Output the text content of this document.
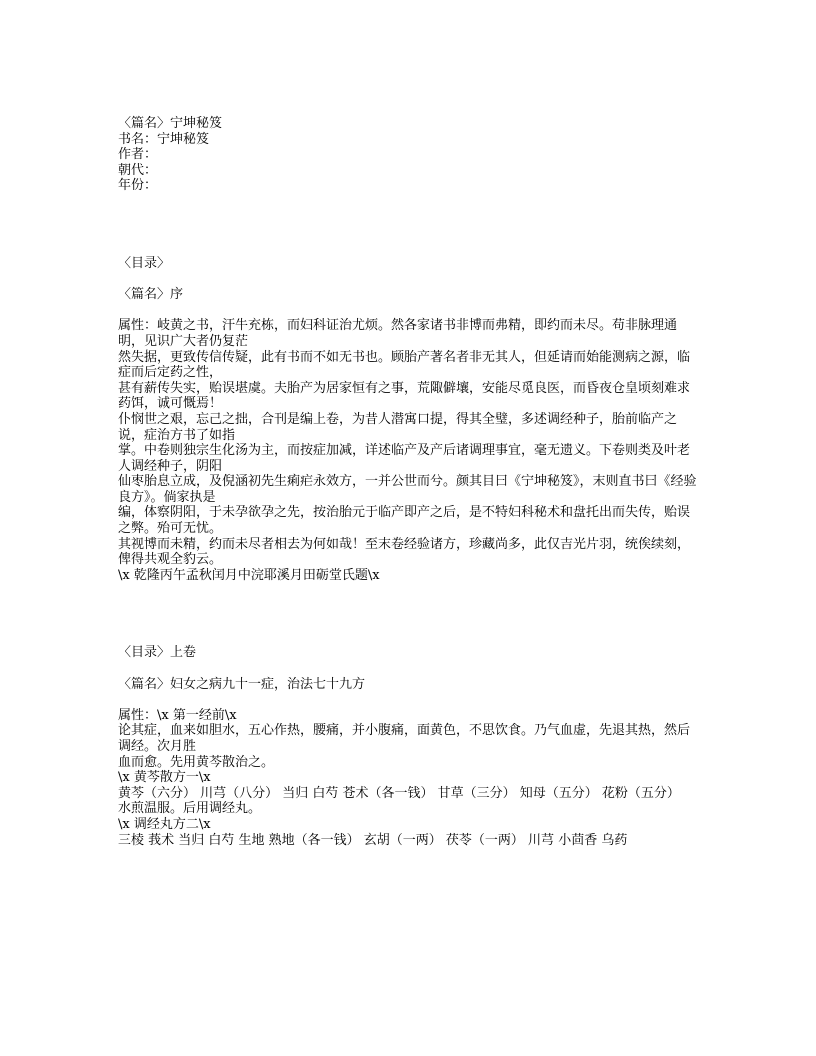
〈篇名〉宁坤秘笈
书名：宁坤秘笈
作者：
朝代：
年份：
〈目录〉
〈篇名〉序
属性：岐黄之书，汗牛充栋，而妇科证治尤烦。然各家诸书非博而弗精，即约而未尽。苟非脉理通明，见识广大者仍复茫
然失据，更致传信传疑，此有书而不如无书也。顾胎产著名者非无其人，但延请而始能测病之源，临症而后定药之性，
甚有薪传失实，贻误堪虞。夫胎产为居家恒有之事，荒陬僻壤，安能尽觅良医，而昏夜仓皇顷刻难求药饵，诚可慨焉！
仆悯世之艰，忘己之拙，合刊是编上卷，为昔人潜寓口提，得其全璧，多述调经种子，胎前临产之说，症治方书了如指
掌。中卷则独宗生化汤为主，而按症加减，详述临产及产后诸调理事宜，毫无遗义。下卷则类及叶老人调经种子，阴阳
仙枣胎息立成，及倪涵初先生痢疟永效方，一并公世而兮。颜其目曰《宁坤秘笈》，末则直书曰《经验良方》。倘家执是
编，体察阴阳，于未孕欲孕之先，按治胎元于临产即产之后，是不特妇科秘术和盘托出而失传，贻误之弊。殆可无忧。
其视博而未精，约而未尽者相去为何如哉！至末卷经验诸方，珍藏尚多，此仅吉光片羽，统俟续刻，俾得共观全豹云。
\x 乾隆丙午孟秋闰月中浣耶溪月田砺堂氏题\x
〈目录〉上卷
〈篇名〉妇女之病九十一症，治法七十九方
属性：\x 第一经前\x
论其症，血来如胆水，五心作热，腰痛，并小腹痛，面黄色，不思饮食。乃气血虚，先退其热，然后调经。次月胜
血而愈。先用黄芩散治之。
\x 黄芩散方一\x
黄芩（六分） 川芎（八分） 当归 白芍 苍术（各一钱） 甘草（三分） 知母（五分） 花粉（五分）
水煎温服。后用调经丸。
\x 调经丸方二\x
三棱 莪术 当归 白芍 生地 熟地（各一钱） 玄胡（一两） 茯苓（一两） 川芎 小茴香 乌药
